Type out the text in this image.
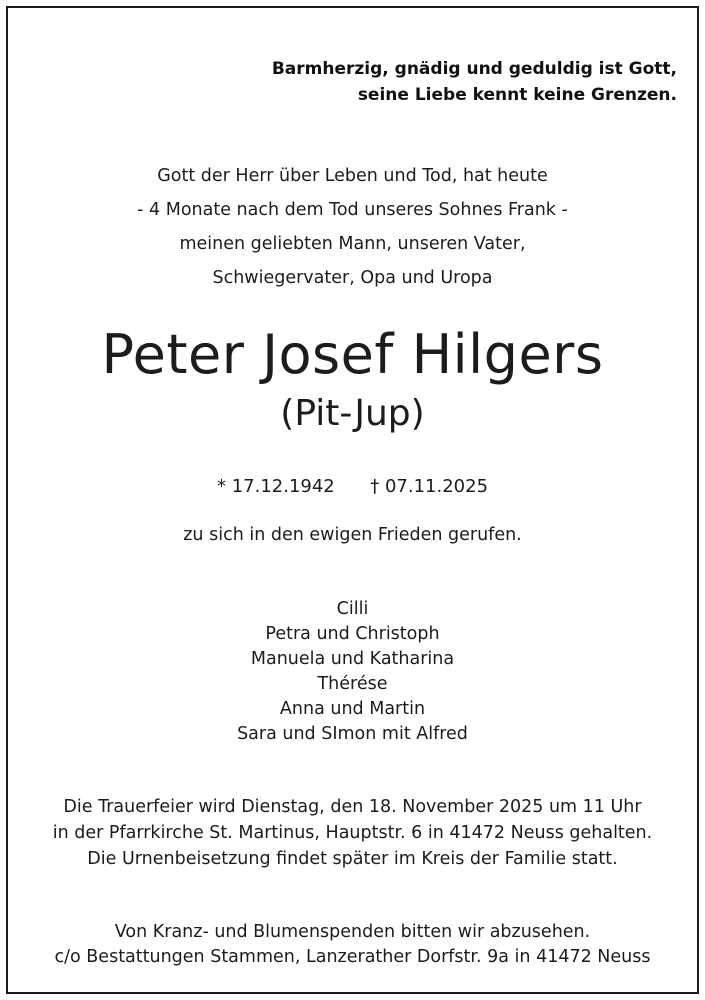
Barmherzig, gnädig und geduldig ist Gott,
seine Liebe kennt keine Grenzen.
Gott der Herr über Leben und Tod, hat heute
- 4 Monate nach dem Tod unseres Sohnes Frank -
meinen geliebten Mann, unseren Vater,
Schwiegervater, Opa und Uropa
Peter Josef Hilgers
(Pit-Jup)
* 17.12.1942 † 07.11.2025
zu sich in den ewigen Frieden gerufen.
Cilli
Petra und Christoph
Manuela und Katharina
Thérése
Anna und Martin
Sara und SImon mit Alfred
Die Trauerfeier wird Dienstag, den 18. November 2025 um 11 Uhr
in der Pfarrkirche St. Martinus, Hauptstr. 6 in 41472 Neuss gehalten.
Die Urnenbeisetzung findet später im Kreis der Familie statt.
Von Kranz- und Blumenspenden bitten wir abzusehen.
c/o Bestattungen Stammen, Lanzerather Dorfstr. 9a in 41472 Neuss
